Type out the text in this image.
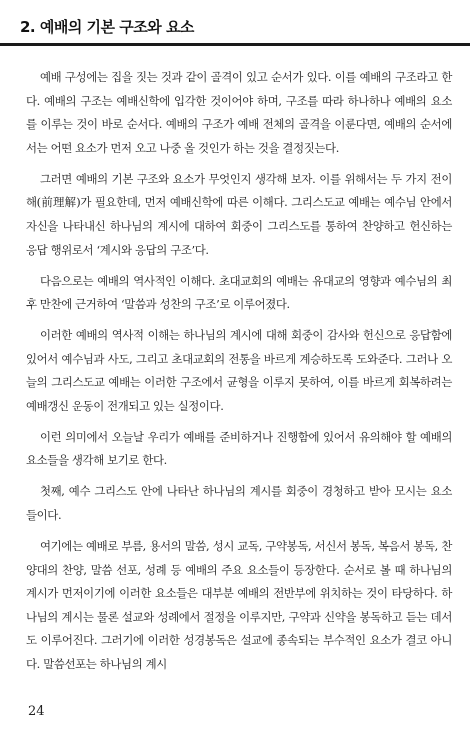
2. 예배의 기본 구조와 요소

예배 구성에는 집을 짓는 것과 같이 골격이 있고 순서가 있다. 이를 예배의 구조라고 한다. 예배의 구조는 예배신학에 입각한 것이어야 하며, 구조를 따라 하나하나 예배의 요소를 이루는 것이 바로 순서다. 예배의 구조가 예배 전체의 골격을 이룬다면, 예배의 순서에서는 어떤 요소가 먼저 오고 나중 올 것인가 하는 것을 결정짓는다.

그러면 예배의 기본 구조와 요소가 무엇인지 생각해 보자. 이를 위해서는 두 가지 전이해(前理解)가 필요한데, 먼저 예배신학에 따른 이해다. 그리스도교 예배는 예수님 안에서 자신을 나타내신 하나님의 계시에 대하여 회중이 그리스도를 통하여 찬양하고 헌신하는 응답 행위로서 ‘계시와 응답의 구조’다.

다음으로는 예배의 역사적인 이해다. 초대교회의 예배는 유대교의 영향과 예수님의 최후 만찬에 근거하여 ‘말씀과 성찬의 구조’로 이루어졌다.

이러한 예배의 역사적 이해는 하나님의 계시에 대해 회중이 감사와 헌신으로 응답함에 있어서 예수님과 사도, 그리고 초대교회의 전통을 바르게 계승하도록 도와준다. 그러나 오늘의 그리스도교 예배는 이러한 구조에서 균형을 이루지 못하여, 이를 바르게 회복하려는 예배갱신 운동이 전개되고 있는 실정이다.

이런 의미에서 오늘날 우리가 예배를 준비하거나 진행함에 있어서 유의해야 할 예배의 요소들을 생각해 보기로 한다.

첫째, 예수 그리스도 안에 나타난 하나님의 계시를 회중이 경청하고 받아 모시는 요소들이다.

여기에는 예배로 부름, 용서의 말씀, 성시 교독, 구약봉독, 서신서 봉독, 복음서 봉독, 찬양대의 찬양, 말씀 선포, 성례 등 예배의 주요 요소들이 등장한다. 순서로 볼 때 하나님의 계시가 먼저이기에 이러한 요소들은 대부분 예배의 전반부에 위치하는 것이 타당하다. 하나님의 계시는 물론 설교와 성례에서 절정을 이루지만, 구약과 신약을 봉독하고 듣는 데서도 이루어진다. 그러기에 이러한 성경봉독은 설교에 종속되는 부수적인 요소가 결코 아니다. 말씀선포는 하나님의 계시

24
